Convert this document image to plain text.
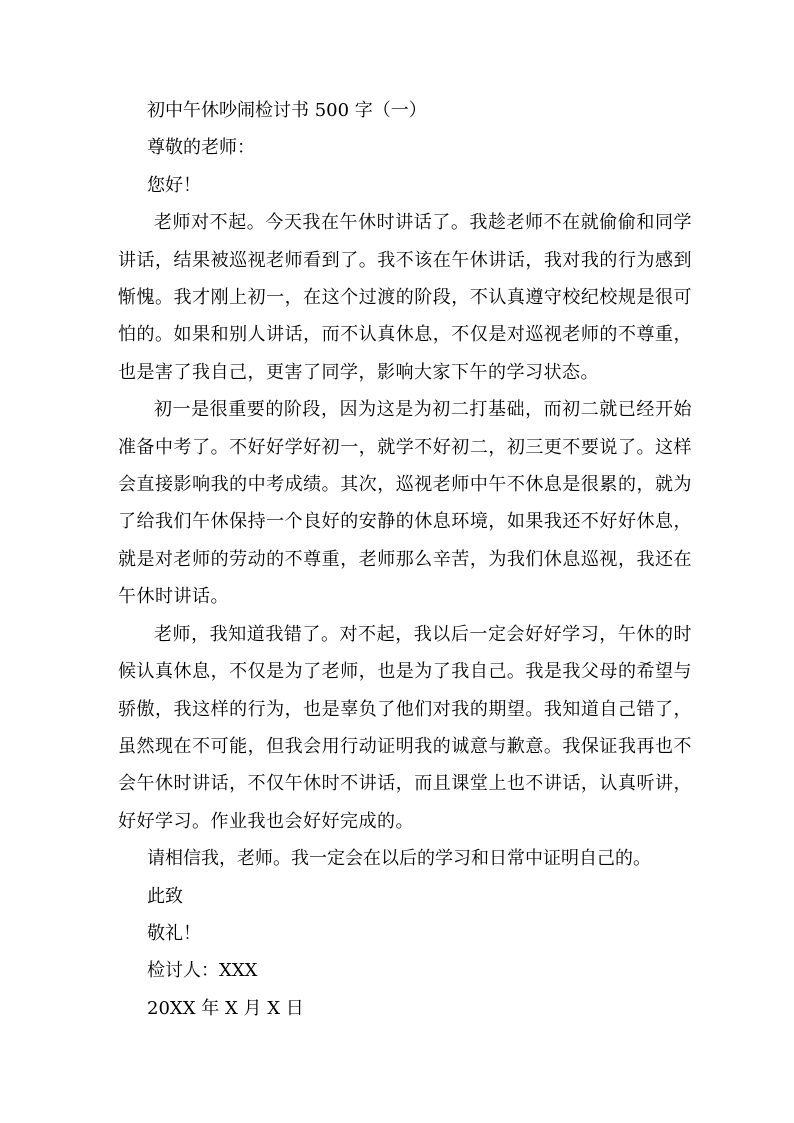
初中午休吵闹检讨书 500 字（一）

尊敬的老师：

您好！

老师对不起。今天我在午休时讲话了。我趁老师不在就偷偷和同学讲话，结果被巡视老师看到了。我不该在午休讲话，我对我的行为感到惭愧。我才刚上初一，在这个过渡的阶段，不认真遵守校纪校规是很可怕的。如果和别人讲话，而不认真休息，不仅是对巡视老师的不尊重，也是害了我自己，更害了同学，影响大家下午的学习状态。

初一是很重要的阶段，因为这是为初二打基础，而初二就已经开始准备中考了。不好好学好初一，就学不好初二，初三更不要说了。这样会直接影响我的中考成绩。其次，巡视老师中午不休息是很累的，就为了给我们午休保持一个良好的安静的休息环境，如果我还不好好休息，就是对老师的劳动的不尊重，老师那么辛苦，为我们休息巡视，我还在午休时讲话。

老师，我知道我错了。对不起，我以后一定会好好学习，午休的时候认真休息，不仅是为了老师，也是为了我自己。我是我父母的希望与骄傲，我这样的行为，也是辜负了他们对我的期望。我知道自己错了，虽然现在不可能，但我会用行动证明我的诚意与歉意。我保证我再也不会午休时讲话，不仅午休时不讲话，而且课堂上也不讲话，认真听讲，好好学习。作业我也会好好完成的。

请相信我，老师。我一定会在以后的学习和日常中证明自己的。

此致

敬礼！

检讨人：XXX

20XX 年 X 月 X 日
